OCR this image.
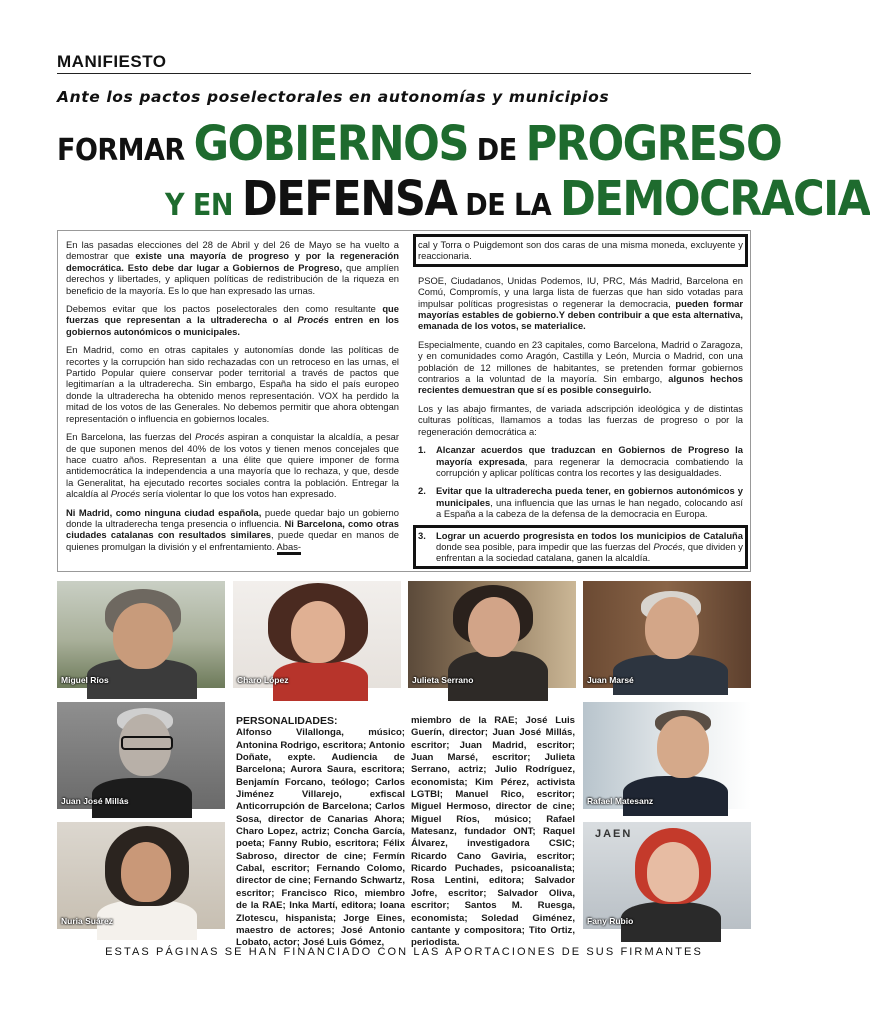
MANIFIESTO
Ante los pactos poselectorales en autonomías y municipios
FORMAR GOBIERNOS DE PROGRESO
Y EN DEFENSA DE LA DEMOCRACIA

En las pasadas elecciones del 28 de Abril y del 26 de Mayo se ha vuelto a demostrar que existe una mayoría de progreso y por la regeneración democrática. Esto debe dar lugar a Gobiernos de Progreso, que amplíen derechos y libertades, y apliquen políticas de redistribución de la riqueza en beneficio de la mayoría. Es lo que han expresado las urnas.

Debemos evitar que los pactos poselectorales den como resultante que fuerzas que representan a la ultraderecha o al Procés entren en los gobiernos autonómicos o municipales.

En Madrid, como en otras capitales y autonomías donde las políticas de recortes y la corrupción han sido rechazadas con un retroceso en las urnas, el Partido Popular quiere conservar poder territorial a través de pactos que legitimarían a la ultraderecha. Sin embargo, España ha sido el país europeo donde la ultraderecha ha obtenido menos representación. VOX ha perdido la mitad de los votos de las Generales. No debemos permitir que ahora obtengan representación o influencia en gobiernos locales.

En Barcelona, las fuerzas del Procés aspiran a conquistar la alcaldía, a pesar de que suponen menos del 40% de los votos y tienen menos concejales que hace cuatro años. Representan a una élite que quiere imponer de forma antidemocrática la independencia a una mayoría que lo rechaza, y que, desde la Generalitat, ha ejecutado recortes sociales contra la población. Entregar la alcaldía al Procés sería violentar lo que los votos han expresado.

Ni Madrid, como ninguna ciudad española, puede quedar bajo un gobierno donde la ultraderecha tenga presencia o influencia. Ni Barcelona, como otras ciudades catalanas con resultados similares, puede quedar en manos de quienes promulgan la división y el enfrentamiento. Abas-

cal y Torra o Puigdemont son dos caras de una misma moneda, excluyente y reaccionaria.

PSOE, Ciudadanos, Unidas Podemos, IU, PRC, Más Madrid, Barcelona en Comú, Compromís, y una larga lista de fuerzas que han sido votadas para impulsar políticas progresistas o regenerar la democracia, pueden formar mayorías estables de gobierno.Y deben contribuir a que esta alternativa, emanada de los votos, se materialice.

Especialmente, cuando en 23 capitales, como Barcelona, Madrid o Zaragoza, y en comunidades como Aragón, Castilla y León, Murcia o Madrid, con una población de 12 millones de habitantes, se pretenden formar gobiernos contrarios a la voluntad de la mayoría. Sin embargo, algunos hechos recientes demuestran que sí es posible conseguirlo.

Los y las abajo firmantes, de variada adscripción ideológica y de distintas culturas políticas, llamamos a todas las fuerzas de progreso o por la regeneración democrática a:

1. Alcanzar acuerdos que traduzcan en Gobiernos de Progreso la mayoría expresada, para regenerar la democracia combatiendo la corrupción y aplicar políticas contra los recortes y las desigualdades.
2. Evitar que la ultraderecha pueda tener, en gobiernos autonómicos y municipales, una influencia que las urnas le han negado, colocando así a España a la cabeza de la defensa de la democracia en Europa.
3. Lograr un acuerdo progresista en todos los municipios de Cataluña donde sea posible, para impedir que las fuerzas del Procés, que dividen y enfrentan a la sociedad catalana, ganen la alcaldía.
Miguel Ríos	Charo López	Julieta Serrano	Juan Marsé
Juan José Millás	Rafael Matesanz
PERSONALIDADES:
Alfonso Vilallonga, músico; Antonina Rodrigo, escritora; Antonio Doñate, expte. Audiencia de Barcelona; Aurora Saura, escritora; Benjamín Forcano, teólogo; Carlos Jiménez Villarejo, exfiscal Anticorrupción de Barcelona; Carlos Sosa, director de Canarias Ahora; Charo Lopez, actriz; Concha García, poeta; Fanny Rubio, escritora; Félix Sabroso, director de cine; Fermín Cabal, escritor; Fernando Colomo, director de cine; Fernando Schwartz, escritor; Francisco Rico, miembro de la RAE; Inka Martí, editora; Ioana Zlotescu, hispanista; Jorge Eines, maestro de actores; José Antonio Lobato, actor; José Luis Gómez,
miembro de la RAE; José Luis Guerín, director; Juan José Millás, escritor; Juan Madrid, escritor; Juan Marsé, escritor; Julieta Serrano, actriz; Julio Rodríguez, economista; Kim Pérez, activista LGTBI; Manuel Rico, escritor; Miguel Hermoso, director de cine; Miguel Ríos, músico; Rafael Matesanz, fundador ONT; Raquel Álvarez, investigadora CSIC; Ricardo Cano Gaviria, escritor; Ricardo Puchades, psicoanalista; Rosa Lentini, editora; Salvador Jofre, escritor; Salvador Oliva, escritor; Santos M. Ruesga, economista; Soledad Giménez, cantante y compositora; Tito Ortiz, periodista.
Nuria Suárez
JAEN
Fany Rubio
ESTAS PÁGINAS SE HAN FINANCIADO CON LAS APORTACIONES DE SUS FIRMANTES
